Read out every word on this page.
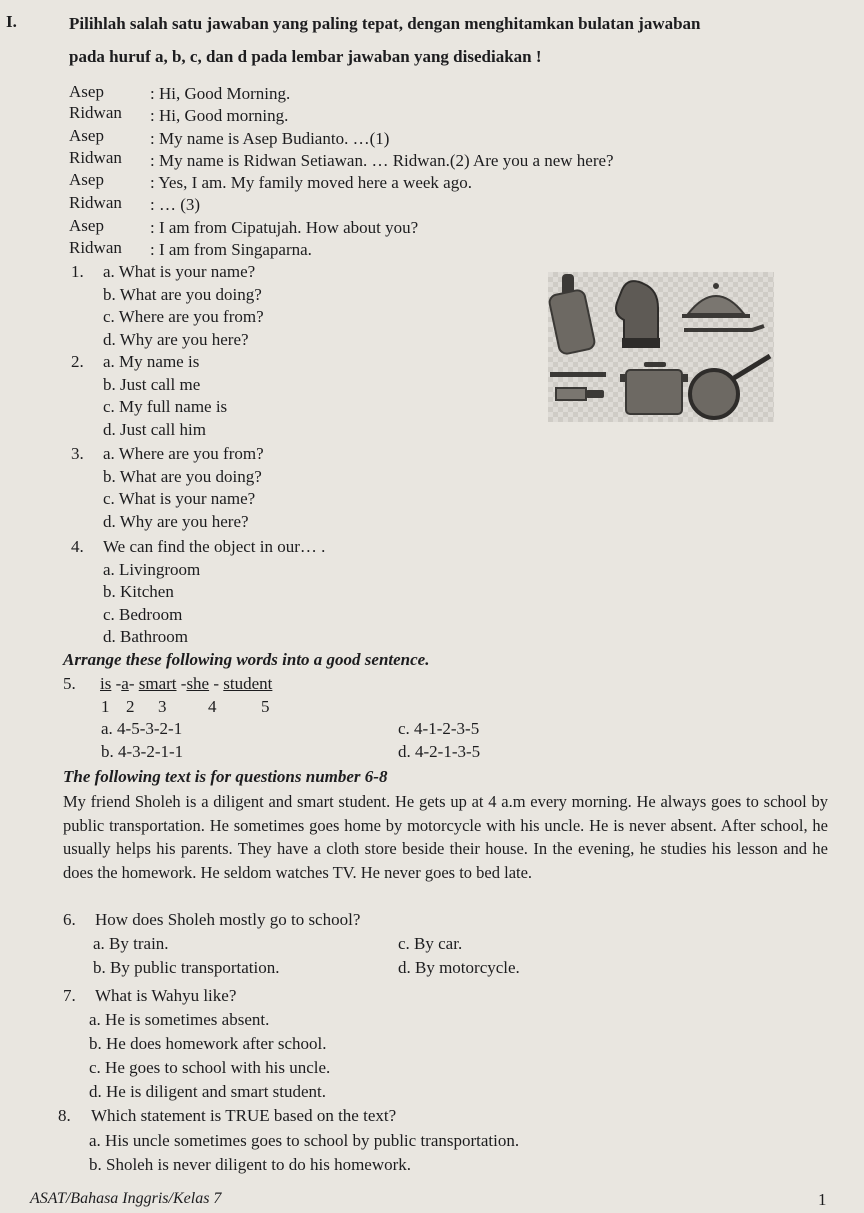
I.	Pilihlah salah satu jawaban yang paling tepat, dengan menghitamkan bulatan jawaban
pada huruf a, b, c, dan d pada lembar jawaban yang disediakan !
Asep	: Hi, Good Morning.
Ridwan : Hi, Good morning.
Asep	: My name is Asep Budianto. …(1)
Ridwan : My name is Ridwan Setiawan. … Ridwan.(2) Are you a new here?
Asep	: Yes, I am. My family moved here a week ago.
Ridwan : … (3)
Asep	: I am from Cipatujah. How about you?
Ridwan : I am from Singaparna.
1. a. What is your name?
b. What are you doing?
c. Where are you from?
d. Why are you here?
2. a. My name is
b. Just call me
c. My full name is
d. Just call him
3. a. Where are you from?
b. What are you doing?
c. What is your name?
d. Why are you here?
4. We can find the object in our… .
a. Livingroom
b. Kitchen
c. Bedroom
d. Bathroom
Arrange these following words into a good sentence.
5. is -a- smart -she - student
1 2 3 4	5
a. 4-5-3-2-1
b. 4-3-2-1-1
c. 4-1-2-3-5
d. 4-2-1-3-5
The following text is for questions number 6-8
My friend Sholeh is a diligent and smart student. He gets up at 4 a.m every morning. He always goes to school by public transportation. He sometimes goes home by motorcycle with his uncle. He is never absent. After school, he usually helps his parents. They have a cloth store beside their house. In the evening, he studies his lesson and he does the homework. He seldom watches TV. He never goes to bed late.
6. How does Sholeh mostly go to school?
a. By train.
b. By public transportation.
c. By car.
d. By motorcycle.
7. What is Wahyu like?
a. He is sometimes absent.
b. He does homework after school.
c. He goes to school with his uncle.
d. He is diligent and smart student.
8. Which statement is TRUE based on the text?
a. His uncle sometimes goes to school by public transportation.
b. Sholeh is never diligent to do his homework.
ASAT/Bahasa Inggris/Kelas 7	1
